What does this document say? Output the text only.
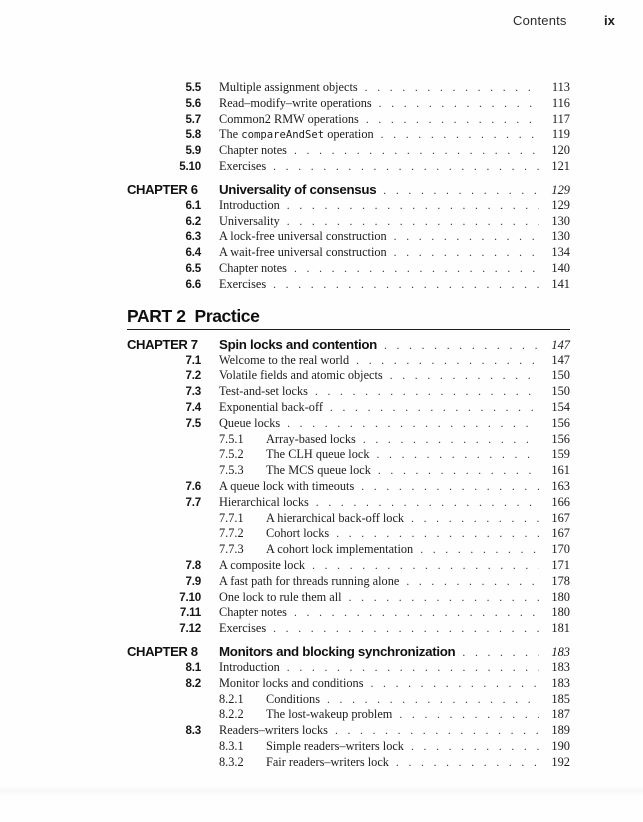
Contents	ix
5.5 Multiple assignment objects . . .	113
5.6 Read–modify–write operations . . .	116
5.7 Common2 RMW operations . . .	117
5.8 The compareAndSet operation . . .	119
5.9 Chapter notes . . .	120
5.10 Exercises . . .	121
CHAPTER 6 Universality of consensus . . .	129
6.1 Introduction . . .	129
6.2 Universality . . .	130
6.3 A lock-free universal construction . . .	130
6.4 A wait-free universal construction . . .	134
6.5 Chapter notes . . .	140
6.6 Exercises . . .	141
PART 2 Practice
CHAPTER 7 Spin locks and contention . . .	147
7.1 Welcome to the real world . . .	147
7.2 Volatile fields and atomic objects . . .	150
7.3 Test-and-set locks . . .	150
7.4 Exponential back-off . . .	154
7.5 Queue locks . . .	156
7.5.1	Array-based locks . . .	156
7.5.2	The CLH queue lock . . .	159
7.5.3	The MCS queue lock . . .	161
7.6 A queue lock with timeouts . . .	163
7.7 Hierarchical locks . . .	166
7.7.1	A hierarchical back-off lock . . .	167
7.7.2	Cohort locks . . .	167
7.7.3	A cohort lock implementation . . .	170
7.8 A composite lock . . .	171
7.9 A fast path for threads running alone . . .	178
7.10 One lock to rule them all . . .	180
7.11 Chapter notes . . .	180
7.12 Exercises . . .	181
CHAPTER 8 Monitors and blocking synchronization . . .	183
8.1 Introduction . . .	183
8.2 Monitor locks and conditions . . .	183
8.2.1	Conditions . . .	185
8.2.2	The lost-wakeup problem . . .	187
8.3 Readers–writers locks . . .	189
8.3.1	Simple readers–writers lock . . .	190
8.3.2	Fair readers–writers lock . . .	192
